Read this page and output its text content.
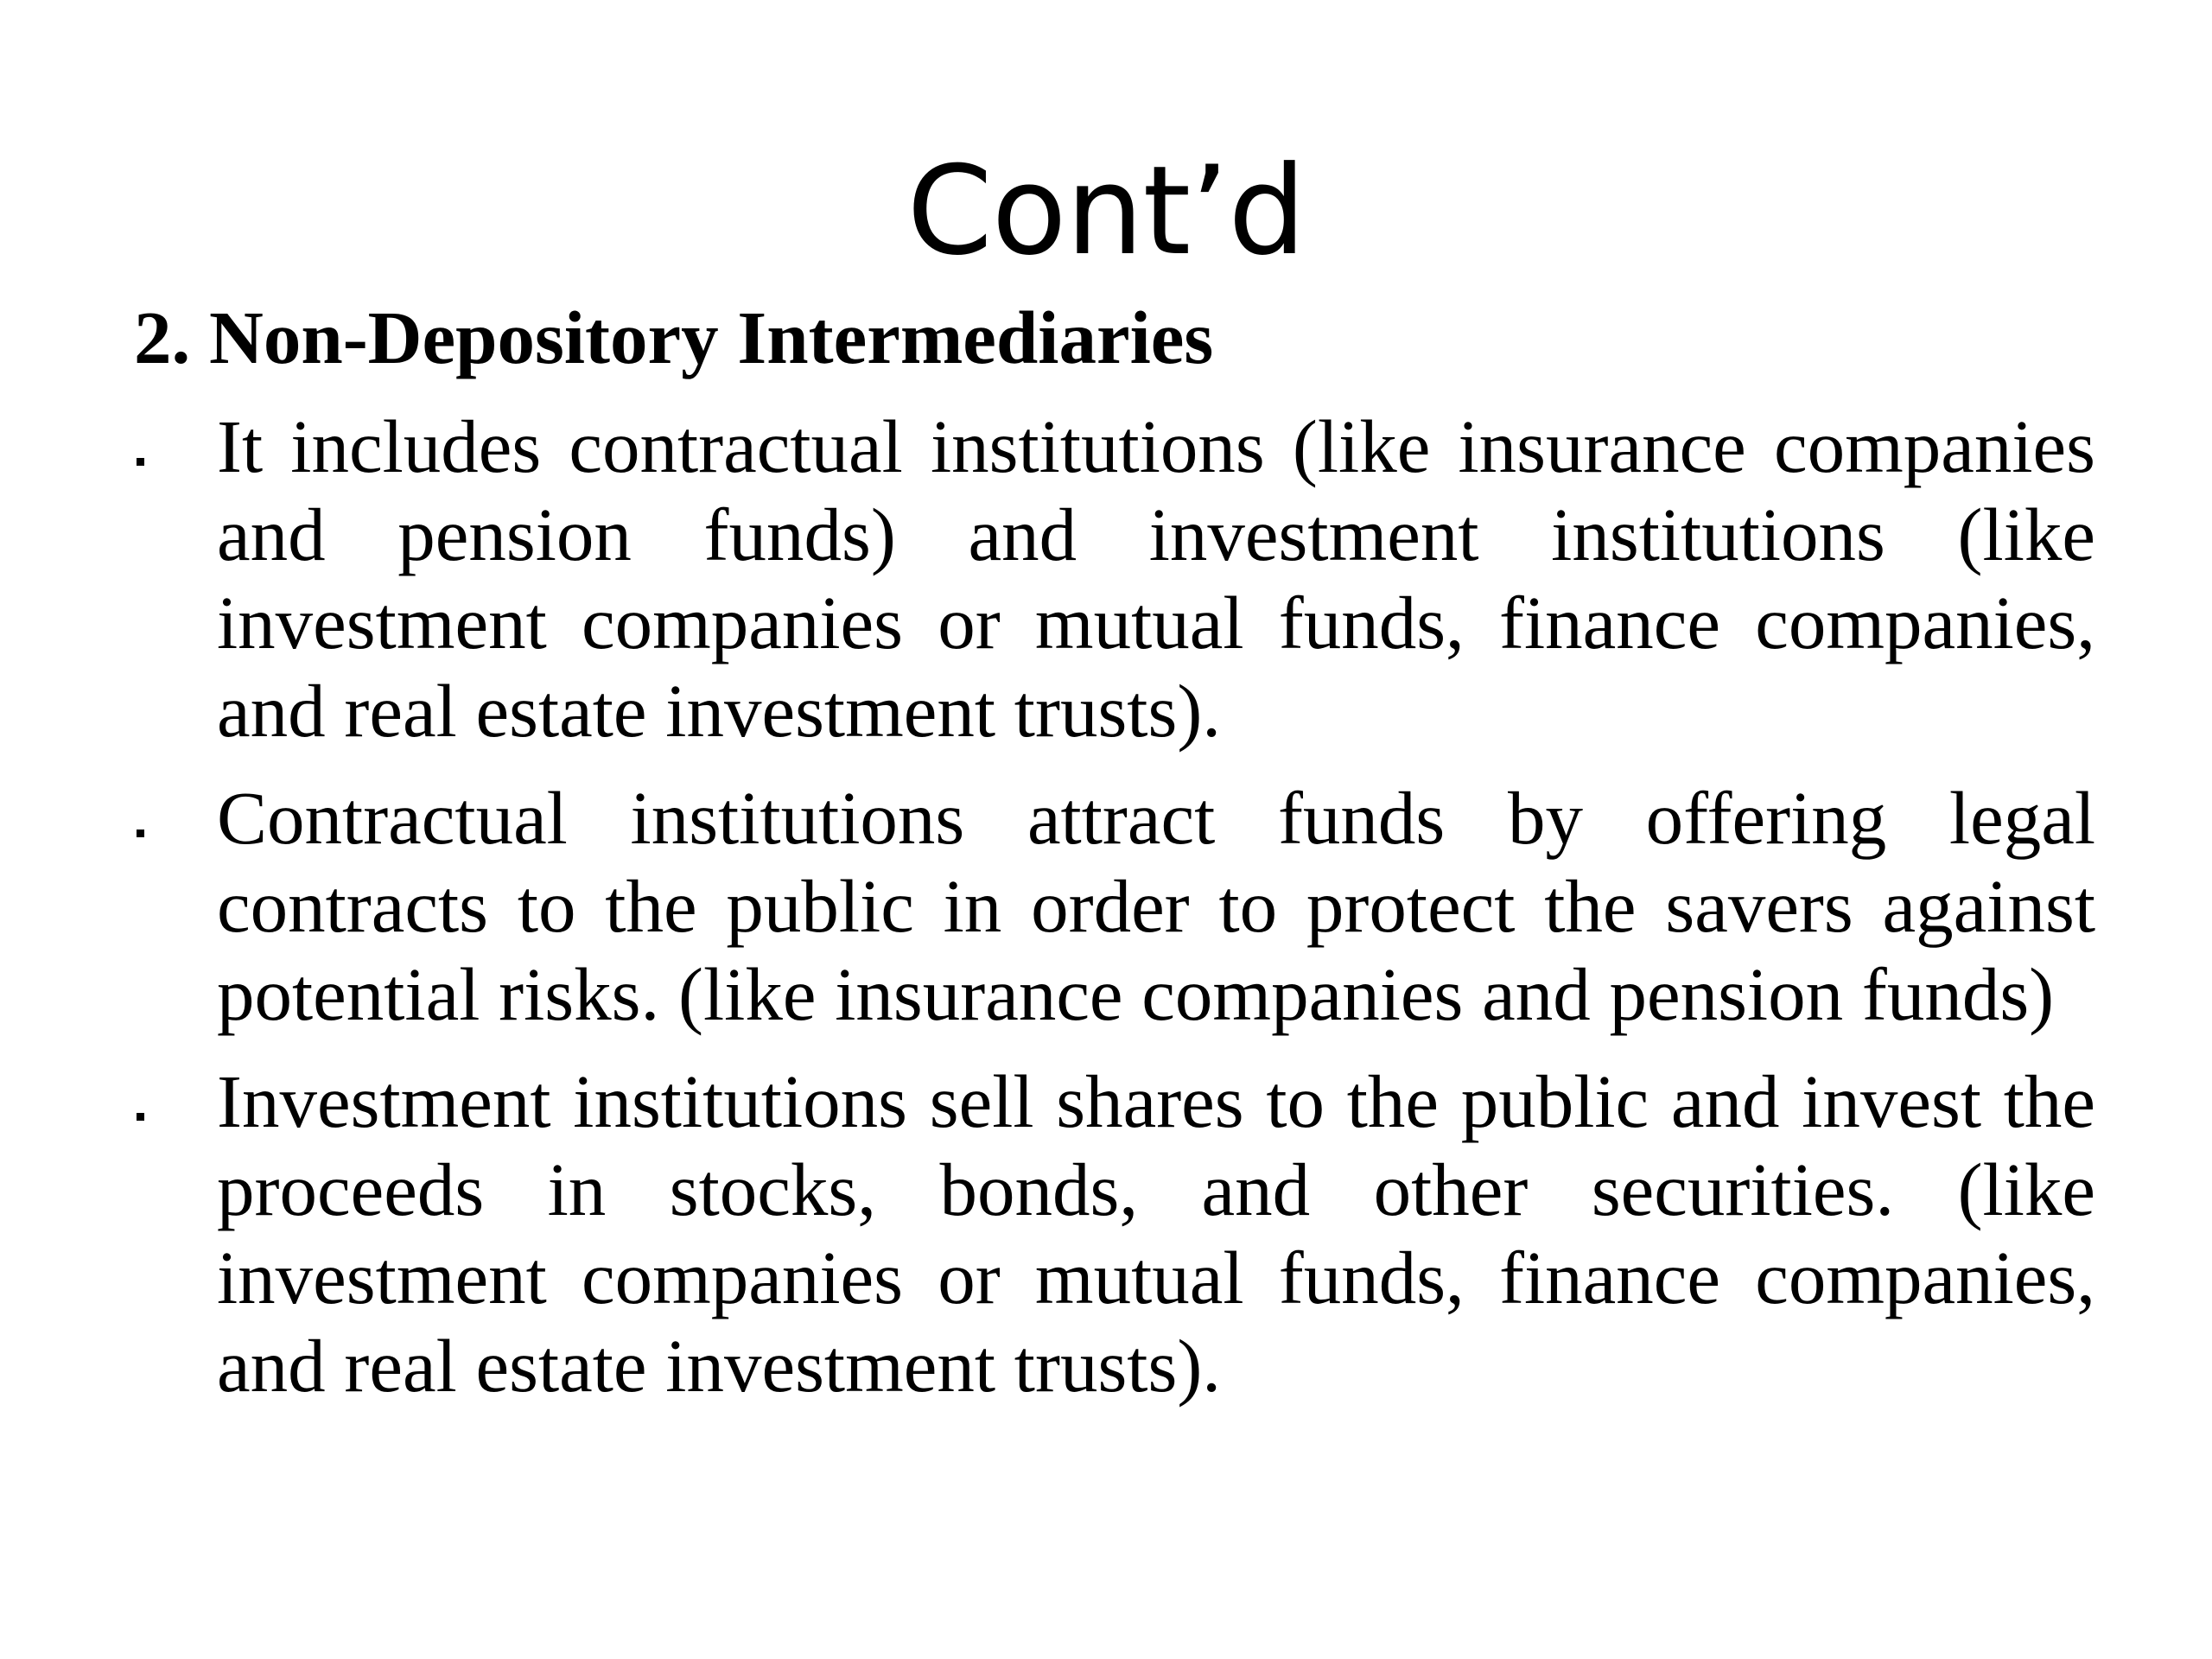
Cont’d
2. Non-Depository Intermediaries
It includes contractual institutions (like insurance companies and pension funds) and investment institutions (like investment companies or mutual funds, finance companies, and real estate investment trusts).
Contractual institutions attract funds by offering legal contracts to the public in order to protect the savers against potential risks. (like insurance companies and pension funds)
Investment institutions sell shares to the public and invest the proceeds in stocks, bonds, and other securities. (like investment companies or mutual funds, finance companies, and real estate investment trusts).
